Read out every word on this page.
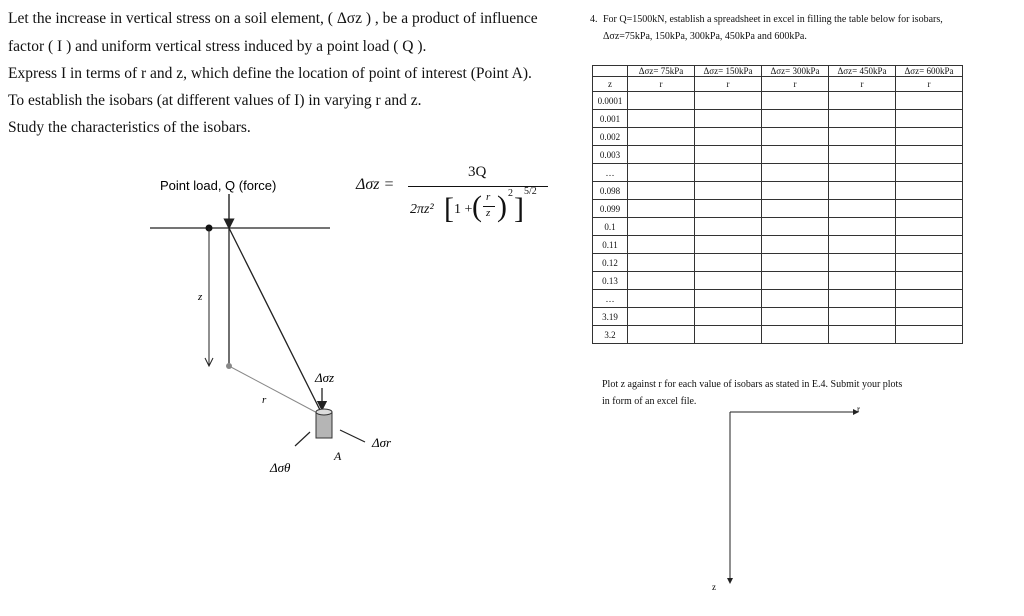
Let the increase in vertical stress on a soil element, ( Δσz ) , be a product of influence

factor ( I ) and uniform vertical stress induced by a point load ( Q ).

Express I in terms of r and z, which define the location of point of interest (Point A).

To establish the isobars (at different values of I) in varying r and z.

Study the characteristics of the isobars.

Point load, Q (force)
z
r
Δσz
Δσr
Δσθ
A
Δσz =
3Q
2πz² [ 1 + ( r
z ) 2 ]
5/2
4. For Q=1500kN, establish a spreadsheet in excel in filling the table below for isobars,
Δσz=75kPa, 150kPa, 300kPa, 450kPa and 600kPa.
	Δσz= 75kPa	Δσz= 150kPa	Δσz= 300kPa	Δσz= 450kPa	Δσz= 600kPa
z	r	r	r	r	r
0.0001					
0.001					
0.002					
0.003					
…					
0.098					
0.099					
0.1					
0.11					
0.12					
0.13					
…					
3.19					
3.2					
Plot z against r for each value of isobars as stated in E.4. Submit your plots
in form of an excel file.
r
z
